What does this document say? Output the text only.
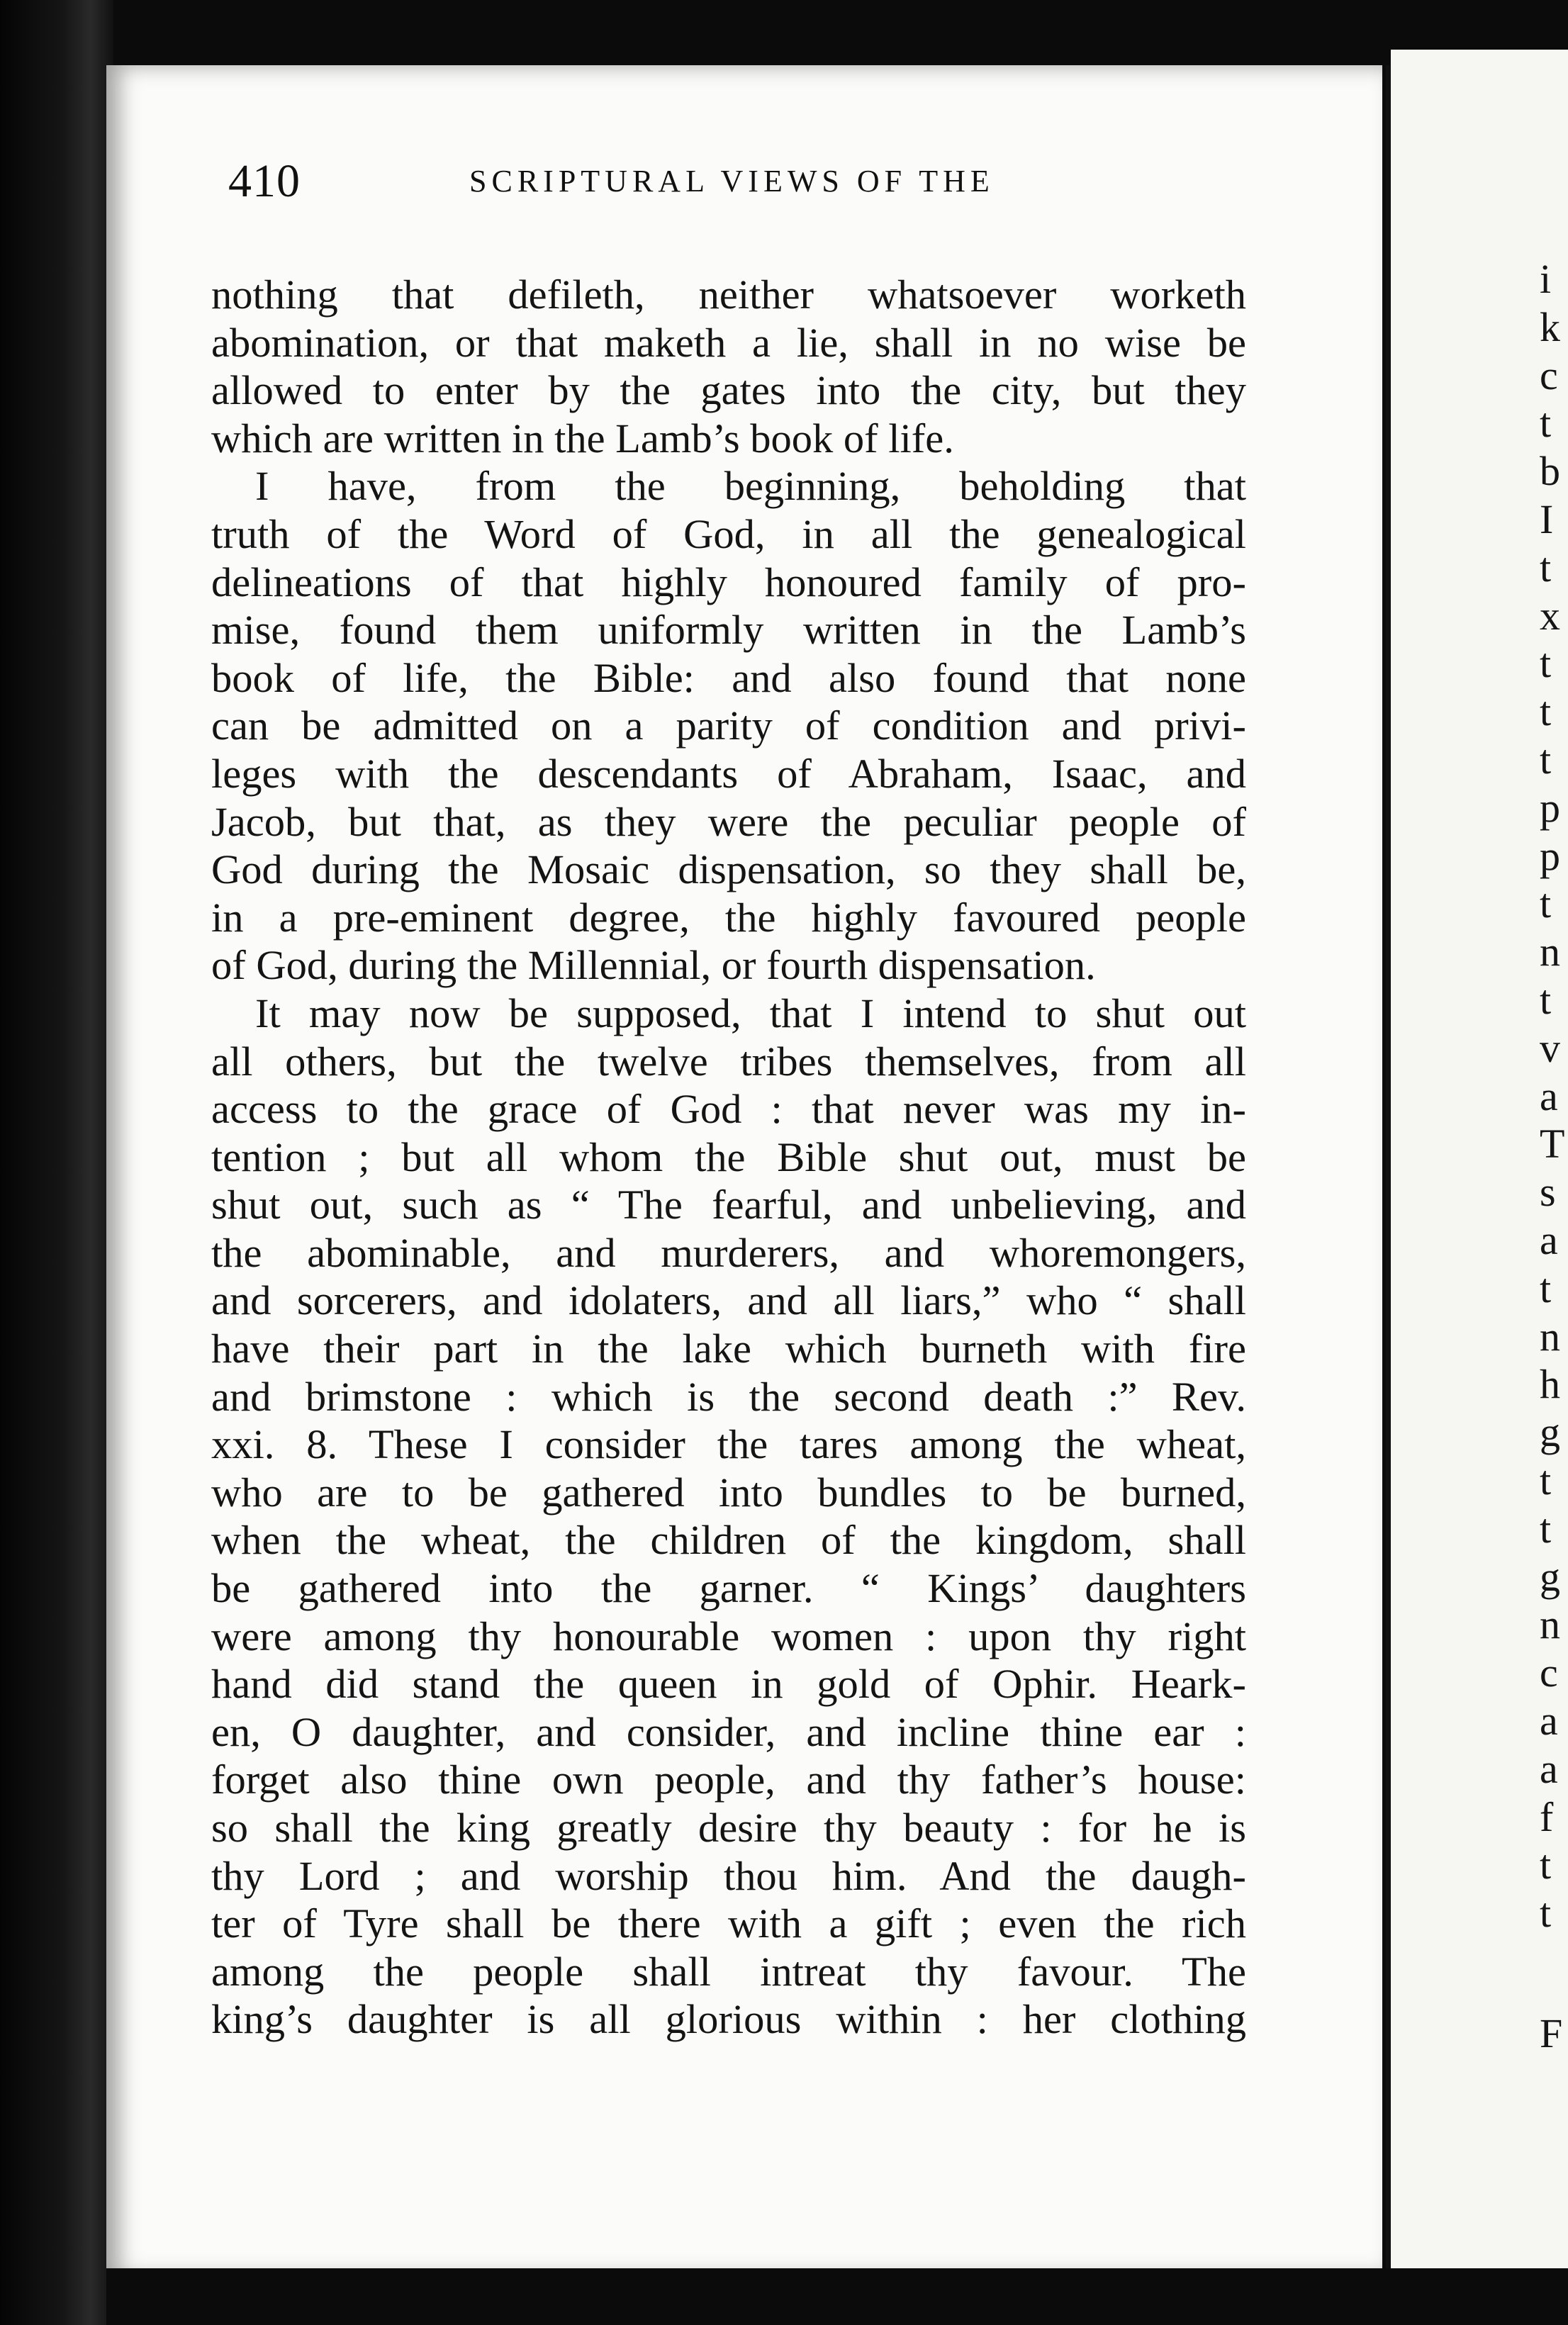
410	SCRIPTURAL VIEWS OF THE
nothing that defileth, neither whatsoever worketh
abomination, or that maketh a lie, shall in no wise be
allowed to enter by the gates into the city, but they
which are written in the Lamb’s book of life.
I have, from the beginning, beholding that
truth of the Word of God, in all the genealogical
delineations of that highly honoured family of pro-
mise, found them uniformly written in the Lamb’s
book of life, the Bible: and also found that none
can be admitted on a parity of condition and privi-
leges with the descendants of Abraham, Isaac, and
Jacob, but that, as they were the peculiar people of
God during the Mosaic dispensation, so they shall be,
in a pre-eminent degree, the highly favoured people
of God, during the Millennial, or fourth dispensation.
It may now be supposed, that I intend to shut out
all others, but the twelve tribes themselves, from all
access to the grace of God : that never was my in-
tention ; but all whom the Bible shut out, must be
shut out, such as “ The fearful, and unbelieving, and
the abominable, and murderers, and whoremongers,
and sorcerers, and idolaters, and all liars,” who “ shall
have their part in the lake which burneth with fire
and brimstone : which is the second death :” Rev.
xxi. 8. These I consider the tares among the wheat,
who are to be gathered into bundles to be burned,
when the wheat, the children of the kingdom, shall
be gathered into the garner. “ Kings’ daughters
were among thy honourable women : upon thy right
hand did stand the queen in gold of Ophir. Heark-
en, O daughter, and consider, and incline thine ear :
forget also thine own people, and thy father’s house:
so shall the king greatly desire thy beauty : for he is
thy Lord ; and worship thou him. And the daugh-
ter of Tyre shall be there with a gift ; even the rich
among the people shall intreat thy favour. The
king’s daughter is all glorious within : her clothing
i
k
c
t
b
I
t
x
t
t
t
p
p
t
n
t
v
a
T
s
a
t
n
h
g
t
t
g
n
c
a
a
f
t
t
F
